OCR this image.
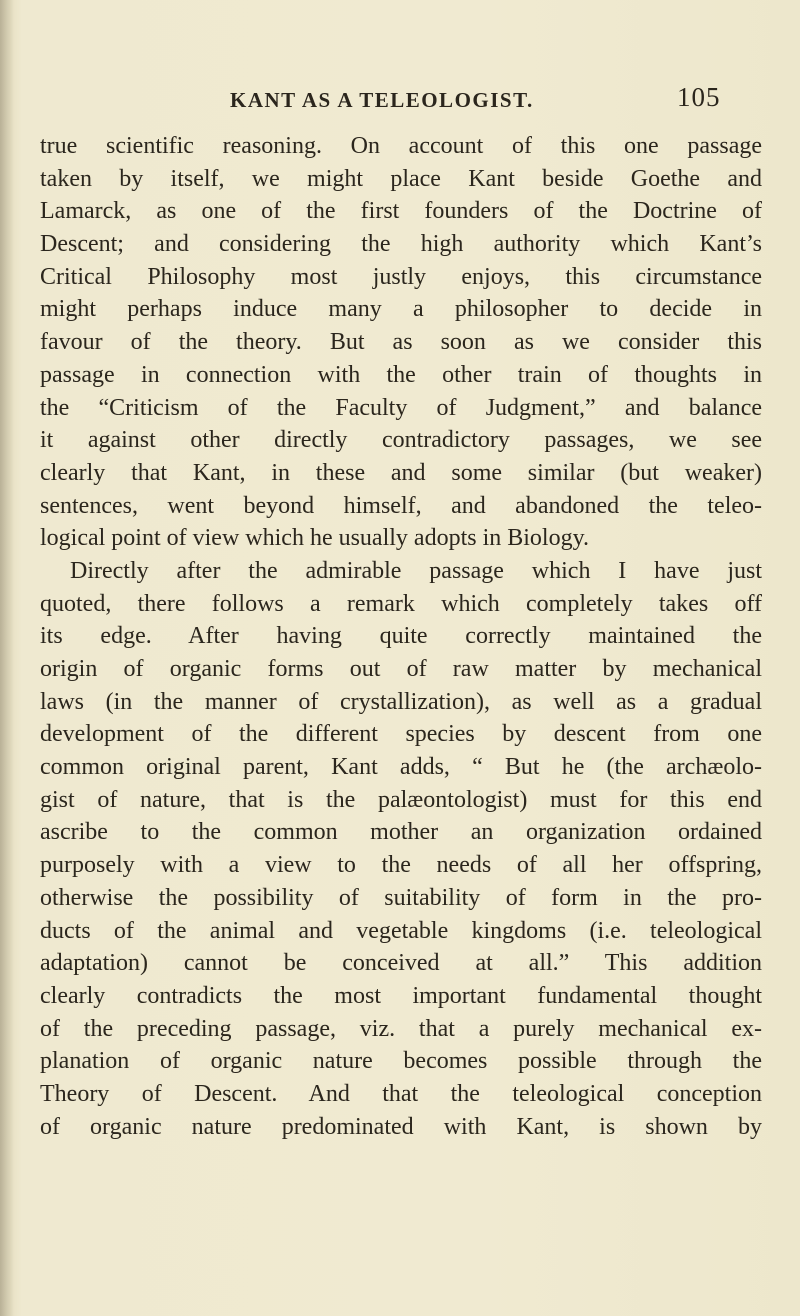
KANT AS A TELEOLOGIST.	105
true scientific reasoning. On account of this one passage
taken by itself, we might place Kant beside Goethe and
Lamarck, as one of the first founders of the Doctrine of
Descent; and considering the high authority which Kant’s
Critical Philosophy most justly enjoys, this circumstance
might perhaps induce many a philosopher to decide in
favour of the theory. But as soon as we consider this
passage in connection with the other train of thoughts in
the “Criticism of the Faculty of Judgment,” and balance
it against other directly contradictory passages, we see
clearly that Kant, in these and some similar (but weaker)
sentences, went beyond himself, and abandoned the teleo-
logical point of view which he usually adopts in Biology.
Directly after the admirable passage which I have just
quoted, there follows a remark which completely takes off
its edge. After having quite correctly maintained the
origin of organic forms out of raw matter by mechanical
laws (in the manner of crystallization), as well as a gradual
development of the different species by descent from one
common original parent, Kant adds, “ But he (the archæolo-
gist of nature, that is the palæontologist) must for this end
ascribe to the common mother an organization ordained
purposely with a view to the needs of all her offspring,
otherwise the possibility of suitability of form in the pro-
ducts of the animal and vegetable kingdoms (i.e. teleological
adaptation) cannot be conceived at all.” This addition
clearly contradicts the most important fundamental thought
of the preceding passage, viz. that a purely mechanical ex-
planation of organic nature becomes possible through the
Theory of Descent. And that the teleological conception
of organic nature predominated with Kant, is shown by
